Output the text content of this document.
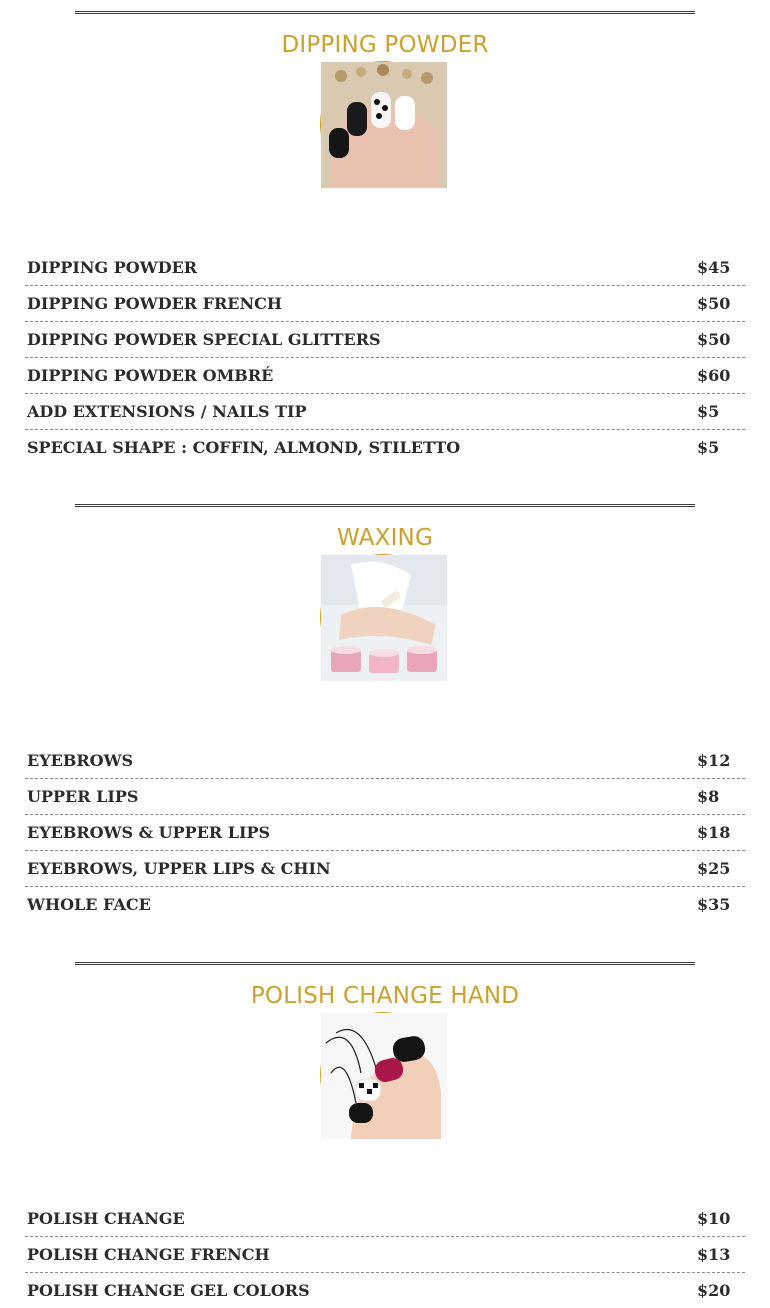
DIPPING POWDER
DIPPING POWDER	$45
DIPPING POWDER FRENCH	$50
DIPPING POWDER SPECIAL GLITTERS	$50
DIPPING POWDER OMBRÉ	$60
ADD EXTENSIONS / NAILS TIP	$5
SPECIAL SHAPE : COFFIN, ALMOND, STILETTO	$5
WAXING
EYEBROWS	$12
UPPER LIPS	$8
EYEBROWS & UPPER LIPS	$18
EYEBROWS, UPPER LIPS & CHIN	$25
WHOLE FACE	$35
POLISH CHANGE HAND
POLISH CHANGE	$10
POLISH CHANGE FRENCH	$13
POLISH CHANGE GEL COLORS	$20
